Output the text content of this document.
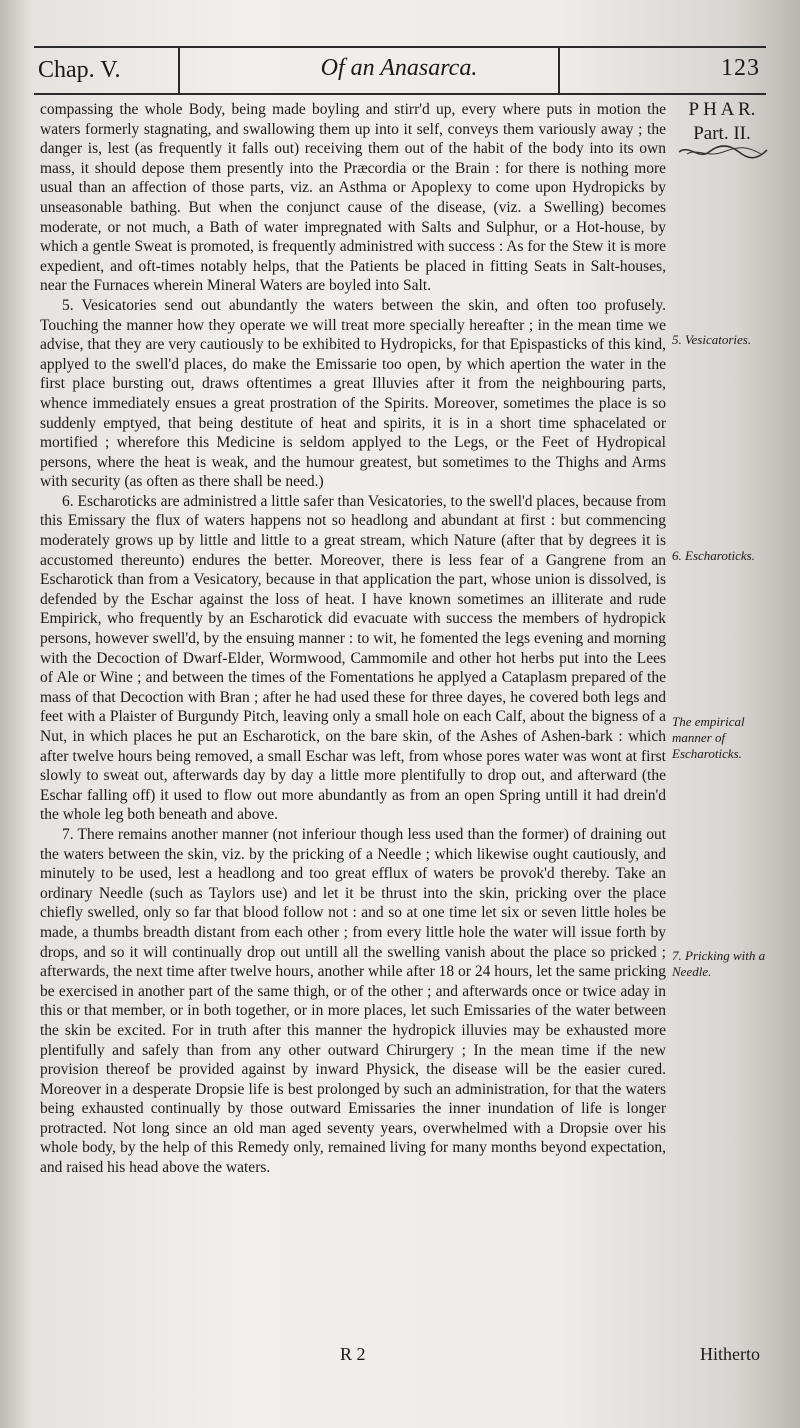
Chap. V.	Of an Anasarca.	123
P H A R.
Part. II.

compassing the whole Body, being made boyling and stirr'd up, every where puts in motion the waters formerly stagnating, and swallowing them up into it self, conveys them variously away ; the danger is, lest (as frequently it falls out) receiving them out of the habit of the body into its own mass, it should depose them presently into the Præcordia or the Brain : for there is nothing more usual than an affection of those parts, viz. an Asthma or Apoplexy to come upon Hydropicks by unseasonable bathing. But when the conjunct cause of the disease, (viz. a Swelling) becomes moderate, or not much, a Bath of water impregnated with Salts and Sulphur, or a Hot-house, by which a gentle Sweat is promoted, is frequently administred with success : As for the Stew it is more expedient, and oft-times notably helps, that the Patients be placed in fitting Seats in Salt-houses, near the Furnaces wherein Mineral Waters are boyled into Salt.

5. Vesicatories send out abundantly the waters between the skin, and often too profusely. Touching the manner how they operate we will treat more specially hereafter ; in the mean time we advise, that they are very cautiously to be exhibited to Hydropicks, for that Epispasticks of this kind, applyed to the swell'd places, do make the Emissarie too open, by which apertion the water in the first place bursting out, draws oftentimes a great Illuvies after it from the neighbouring parts, whence immediately ensues a great prostration of the Spirits. Moreover, sometimes the place is so suddenly emptyed, that being destitute of heat and spirits, it is in a short time sphacelated or mortified ; wherefore this Medicine is seldom applyed to the Legs, or the Feet of Hydropical persons, where the heat is weak, and the humour greatest, but sometimes to the Thighs and Arms with security (as often as there shall be need.)

6. Escharoticks are administred a little safer than Vesicatories, to the swell'd places, because from this Emissary the flux of waters happens not so headlong and abundant at first : but commencing moderately grows up by little and little to a great stream, which Nature (after that by degrees it is accustomed thereunto) endures the better. Moreover, there is less fear of a Gangrene from an Escharotick than from a Vesicatory, because in that application the part, whose union is dissolved, is defended by the Eschar against the loss of heat. I have known sometimes an illiterate and rude Empirick, who frequently by an Escharotick did evacuate with success the members of hydropick persons, however swell'd, by the ensuing manner : to wit, he fomented the legs evening and morning with the Decoction of Dwarf-Elder, Wormwood, Cammomile and other hot herbs put into the Lees of Ale or Wine ; and between the times of the Fomentations he applyed a Cataplasm prepared of the mass of that Decoction with Bran ; after he had used these for three dayes, he covered both legs and feet with a Plaister of Burgundy Pitch, leaving only a small hole on each Calf, about the bigness of a Nut, in which places he put an Escharotick, on the bare skin, of the Ashes of Ashen-bark : which after twelve hours being removed, a small Eschar was left, from whose pores water was wont at first slowly to sweat out, afterwards day by day a little more plentifully to drop out, and afterward (the Eschar falling off) it used to flow out more abundantly as from an open Spring untill it had drein'd the whole leg both beneath and above.

7. There remains another manner (not inferiour though less used than the former) of draining out the waters between the skin, viz. by the pricking of a Needle ; which likewise ought cautiously, and minutely to be used, lest a headlong and too great efflux of waters be provok'd thereby. Take an ordinary Needle (such as Taylors use) and let it be thrust into the skin, pricking over the place chiefly swelled, only so far that blood follow not : and so at one time let six or seven little holes be made, a thumbs breadth distant from each other ; from every little hole the water will issue forth by drops, and so it will continually drop out untill all the swelling vanish about the place so pricked ; afterwards, the next time after twelve hours, another while after 18 or 24 hours, let the same pricking be exercised in another part of the same thigh, or of the other ; and afterwards once or twice aday in this or that member, or in both together, or in more places, let such Emissaries of the water between the skin be excited. For in truth after this manner the hydropick illuvies may be exhausted more plentifully and safely than from any other outward Chirurgery ; In the mean time if the new provision thereof be provided against by inward Physick, the disease will be the easier cured. Moreover in a desperate Dropsie life is best prolonged by such an administration, for that the waters being exhausted continually by those outward Emissaries the inner inundation of life is longer protracted. Not long since an old man aged seventy years, overwhelmed with a Dropsie over his whole body, by the help of this Remedy only, remained living for many months beyond expectation, and raised his head above the waters.

5. Vesicatories.
6. Escharoticks.
The empirical manner of Escharoticks.
7. Pricking with a Needle.
R 2	Hitherto
